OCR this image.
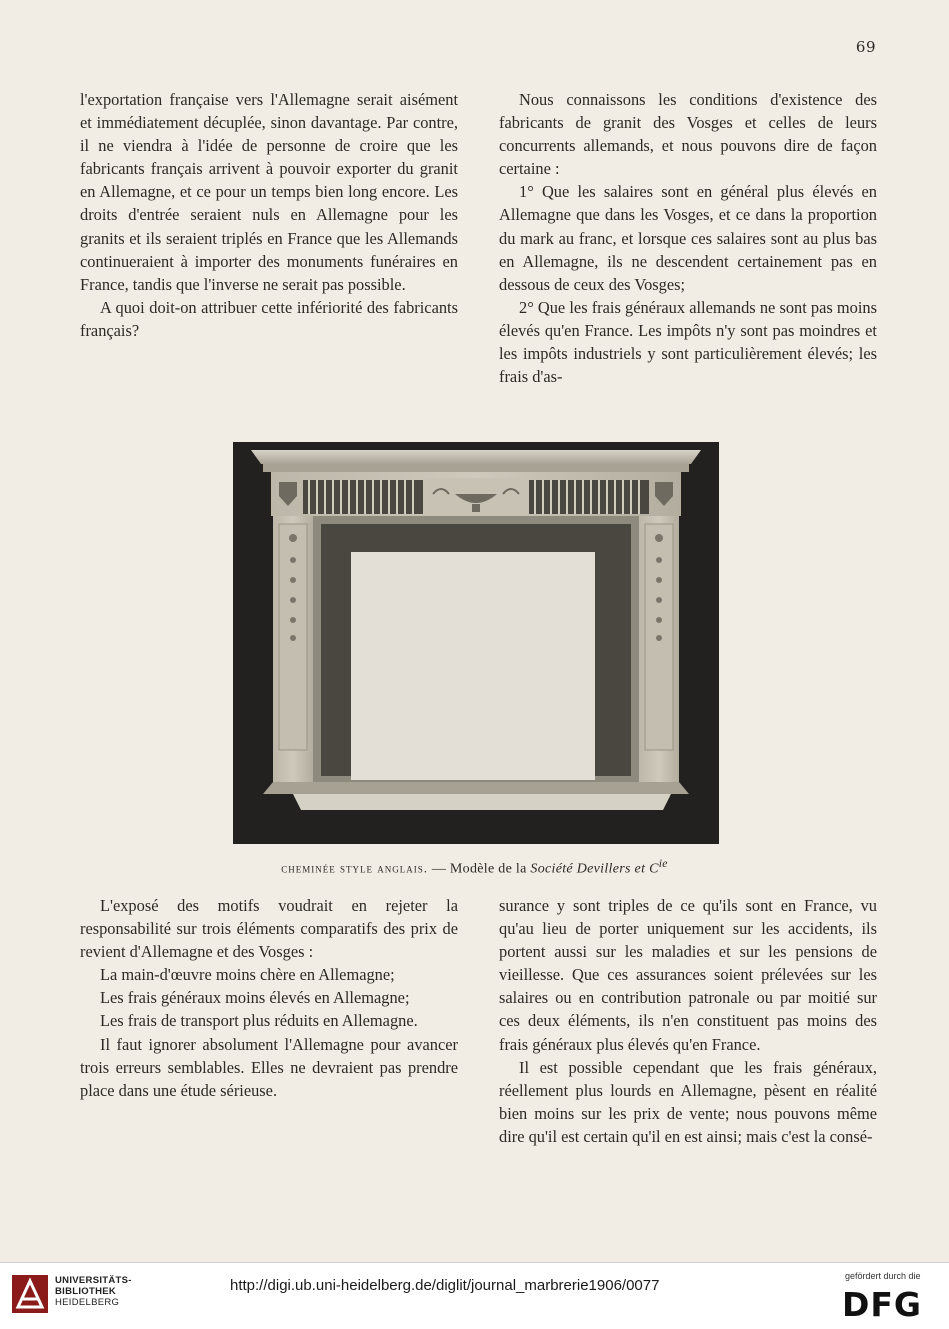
69

l'exportation française vers l'Allemagne serait aisément et immédiatement décuplée, sinon davantage. Par contre, il ne viendra à l'idée de personne de croire que les fabricants français arrivent à pouvoir exporter du granit en Allemagne, et ce pour un temps bien long encore. Les droits d'entrée seraient nuls en Allemagne pour les granits et ils seraient triplés en France que les Allemands continueraient à importer des monuments funéraires en France, tandis que l'inverse ne serait pas possible.

A quoi doit-on attribuer cette infériorité des fabricants français?

Nous connaissons les conditions d'existence des fabricants de granit des Vosges et celles de leurs concurrents allemands, et nous pouvons dire de façon certaine :

1° Que les salaires sont en général plus élevés en Allemagne que dans les Vosges, et ce dans la proportion du mark au franc, et lorsque ces salaires sont au plus bas en Allemagne, ils ne descendent certainement pas en dessous de ceux des Vosges;

2° Que les frais généraux allemands ne sont pas moins élevés qu'en France. Les impôts n'y sont pas moindres et les impôts industriels y sont particulièrement élevés; les frais d'as-

cheminée style anglais. — Modèle de la Société Devillers et $C^{ie}$

L'exposé des motifs voudrait en rejeter la responsabilité sur trois éléments comparatifs des prix de revient d'Allemagne et des Vosges :

La main-d'œuvre moins chère en Allemagne;

Les frais généraux moins élevés en Allemagne;

Les frais de transport plus réduits en Allemagne.

Il faut ignorer absolument l'Allemagne pour avancer trois erreurs semblables. Elles ne devraient pas prendre place dans une étude sérieuse.

surance y sont triples de ce qu'ils sont en France, vu qu'au lieu de porter uniquement sur les accidents, ils portent aussi sur les maladies et sur les pensions de vieillesse. Que ces assurances soient prélevées sur les salaires ou en contribution patronale ou par moitié sur ces deux éléments, ils n'en constituent pas moins des frais généraux plus élevés qu'en France.

Il est possible cependant que les frais généraux, réellement plus lourds en Allemagne, pèsent en réalité bien moins sur les prix de vente; nous pouvons même dire qu'il est certain qu'il en est ainsi; mais c'est la consé-

UNIVERSITÄTS-
BIBLIOTHEK
HEIDELBERG
http://digi.ub.uni-heidelberg.de/diglit/journal_marbrerie1906/0077
gefördert durch die
DFG
